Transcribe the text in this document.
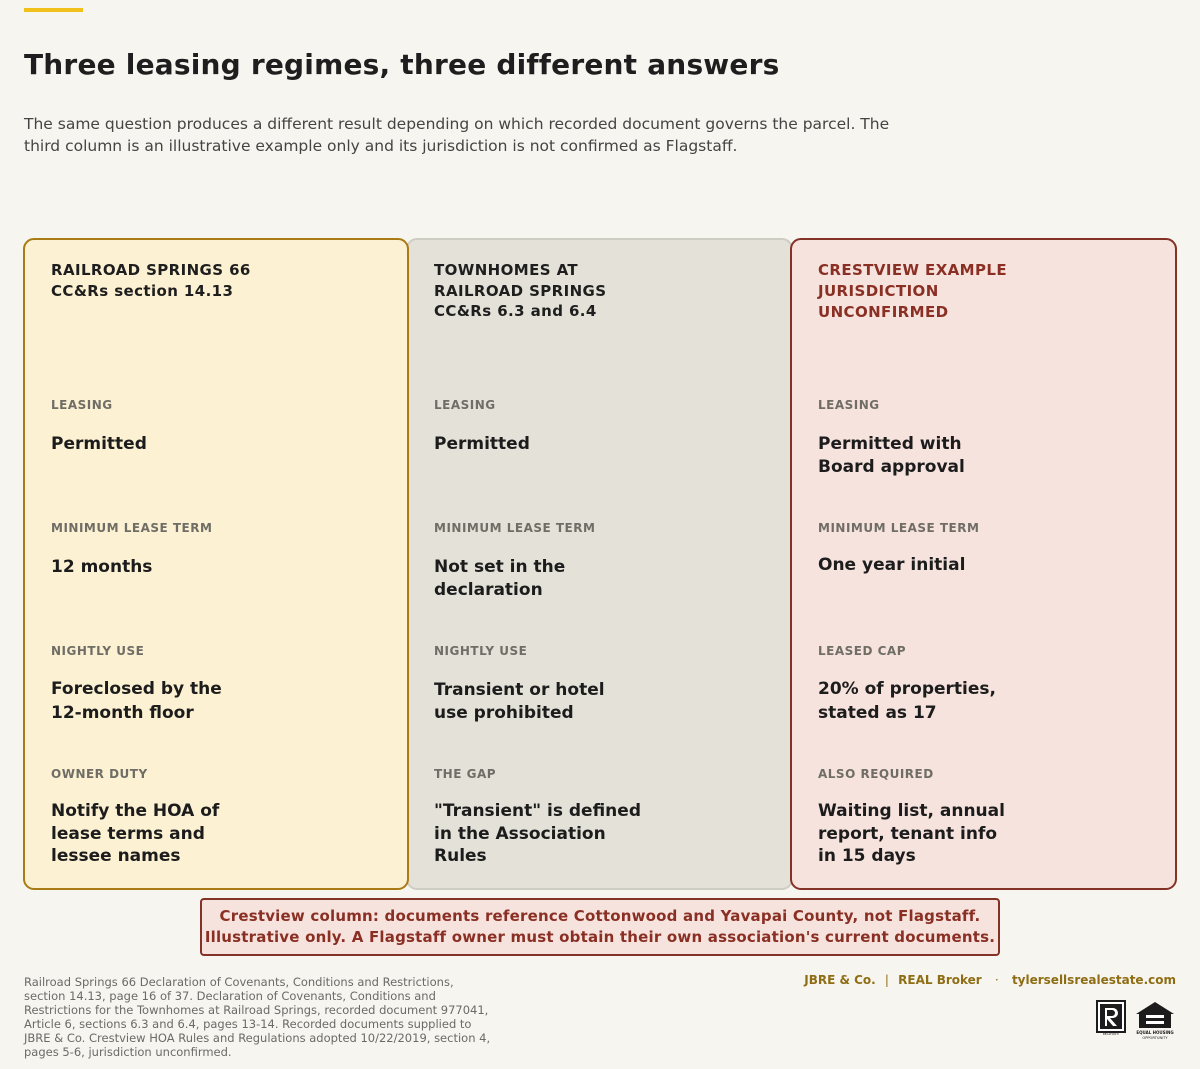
Three leasing regimes, three different answers

The same question produces a different result depending on which recorded document governs the parcel. The third column is an illustrative example only and its jurisdiction is not confirmed as Flagstaff.

RAILROAD SPRINGS 66
CC&Rs section 14.13
LEASING
Permitted
MINIMUM LEASE TERM
12 months
NIGHTLY USE
Foreclosed by the
12-month floor
OWNER DUTY
Notify the HOA of
lease terms and
lessee names
TOWNHOMES AT
RAILROAD SPRINGS
CC&Rs 6.3 and 6.4
LEASING
Permitted
MINIMUM LEASE TERM
Not set in the
declaration
NIGHTLY USE
Transient or hotel
use prohibited
THE GAP
"Transient" is defined
in the Association
Rules
CRESTVIEW EXAMPLE
JURISDICTION
UNCONFIRMED
LEASING
Permitted with
Board approval
MINIMUM LEASE TERM
One year initial
LEASED CAP
20% of properties,
stated as 17
ALSO REQUIRED
Waiting list, annual
report, tenant info
in 15 days
Crestview column: documents reference Cottonwood and Yavapai County, not Flagstaff.
Illustrative only. A Flagstaff owner must obtain their own association's current documents.
Railroad Springs 66 Declaration of Covenants, Conditions and Restrictions,
section 14.13, page 16 of 37. Declaration of Covenants, Conditions and
Restrictions for the Townhomes at Railroad Springs, recorded document 977041,
Article 6, sections 6.3 and 6.4, pages 13-14. Recorded documents supplied to
JBRE & Co. Crestview HOA Rules and Regulations adopted 10/22/2019, section 4,
pages 5-6, jurisdiction unconfirmed.
JBRE & Co. | REAL Broker · tylersellsrealestate.com
REALTOR®	EQUAL HOUSING
OPPORTUNITY
